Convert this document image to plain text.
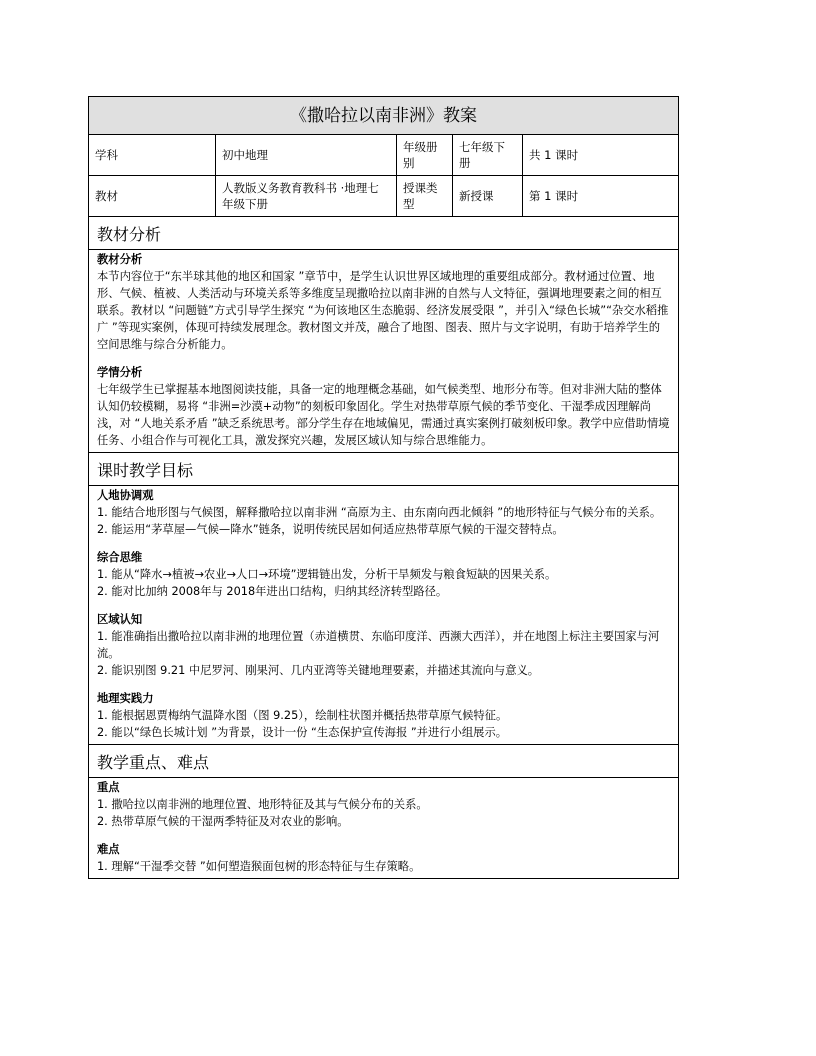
《撒哈拉以南非洲》教案
学科	初中地理
年级册别
七年级下册
共 1 课时
教材
人教版义务教育教科书 ·地理七年级下册
授课类型
新授课	第 1 课时
教材分析

教材分析

本节内容位于“东半球其他的地区和国家 ”章节中，是学生认识世界区域地理的重要组成部分。教材通过位置、地形、气候、植被、人类活动与环境关系等多维度呈现撒哈拉以南非洲的自然与人文特征，强调地理要素之间的相互联系。教材以 “问题链”方式引导学生探究 “为何该地区生态脆弱、经济发展受限 ”，并引入“绿色长城”“杂交水稻推广 ”等现实案例，体现可持续发展理念。教材图文并茂，融合了地图、图表、照片与文字说明，有助于培养学生的空间思维与综合分析能力。

学情分析

七年级学生已掌握基本地图阅读技能，具备一定的地理概念基础，如气候类型、地形分布等。但对非洲大陆的整体认知仍较模糊，易将 “非洲=沙漠+动物”的刻板印象固化。学生对热带草原气候的季节变化、干湿季成因理解尚浅，对 “人地关系矛盾 ”缺乏系统思考。部分学生存在地域偏见，需通过真实案例打破刻板印象。教学中应借助情境任务、小组合作与可视化工具，激发探究兴趣，发展区域认知与综合思维能力。

课时教学目标

人地协调观

1. 能结合地形图与气候图，解释撒哈拉以南非洲 “高原为主、由东南向西北倾斜 ”的地形特征与气候分布的关系。

2. 能运用“茅草屋—气候—降水”链条，说明传统民居如何适应热带草原气候的干湿交替特点。

综合思维

1. 能从“降水→植被→农业→人口→环境”逻辑链出发，分析干旱频发与粮食短缺的因果关系。

2. 能对比加纳 2008年与 2018年进出口结构，归纳其经济转型路径。

区域认知

1. 能准确指出撒哈拉以南非洲的地理位置（赤道横贯、东临印度洋、西濒大西洋），并在地图上标注主要国家与河流。

2. 能识别图 9.21 中尼罗河、刚果河、几内亚湾等关键地理要素，并描述其流向与意义。

地理实践力

1. 能根据恩贾梅纳气温降水图（图 9.25），绘制柱状图并概括热带草原气候特征。

2. 能以“绿色长城计划 ”为背景，设计一份 “生态保护宣传海报 ”并进行小组展示。

教学重点、难点

重点

1. 撒哈拉以南非洲的地理位置、地形特征及其与气候分布的关系。

2. 热带草原气候的干湿两季特征及对农业的影响。

难点

1. 理解“干湿季交替 ”如何塑造猴面包树的形态特征与生存策略。
